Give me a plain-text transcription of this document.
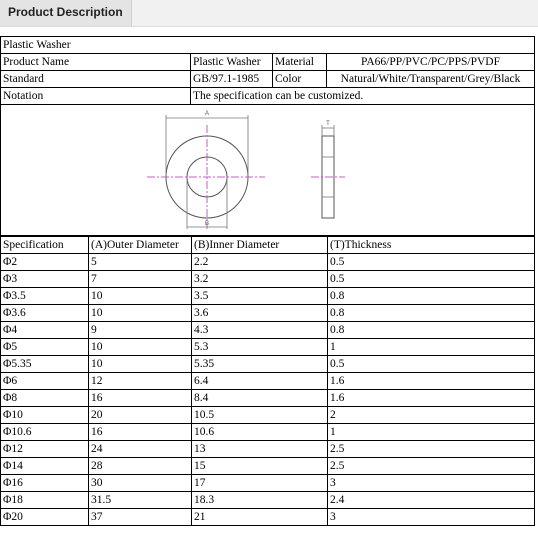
Product Description
Plastic Washer			
Product Name	Plastic Washer	Material	PA66/PP/PVC/PC/PPS/PVDF
Standard	GB/97.1-1985	Color	Natural/White/Transparent/Grey/Black
Notation	The specification can be customized.		

A
B
T			
Specification	(A)Outer Diameter	(B)Inner Diameter	(T)Thickness
Φ2	5	2.2	0.5
Φ3	7	3.2	0.5
Φ3.5	10	3.5	0.8
Φ3.6	10	3.6	0.8
Φ4	9	4.3	0.8
Φ5	10	5.3	1
Φ5.35	10	5.35	0.5
Φ6	12	6.4	1.6
Φ8	16	8.4	1.6
Φ10	20	10.5	2
Φ10.6	16	10.6	1
Φ12	24	13	2.5
Φ14	28	15	2.5
Φ16	30	17	3
Φ18	31.5	18.3	2.4
Φ20	37	21	3
